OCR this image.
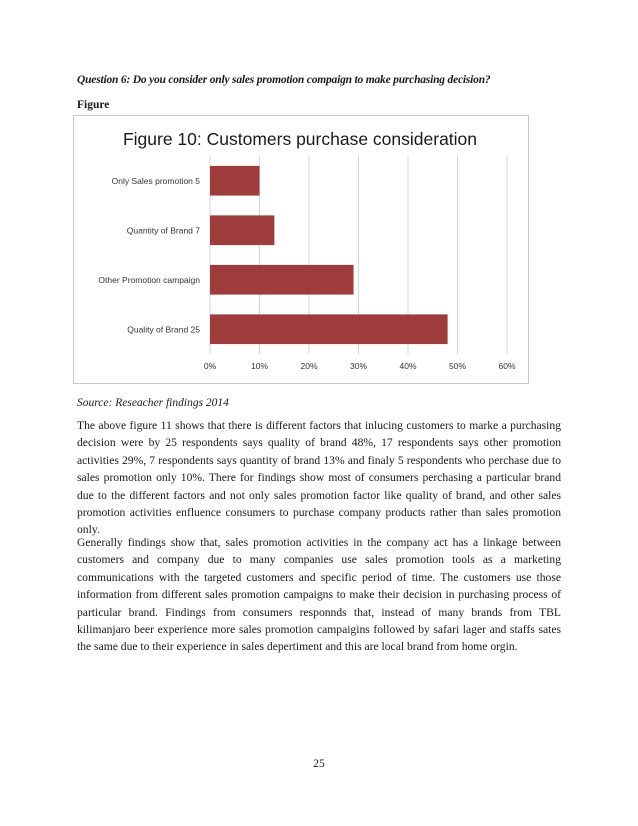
Question 6: Do you consider only sales promotion compaign to make purchasing decision?
Figure
Figure 10: Customers purchase consideration
Only Sales promotion 5
Quantity of Brand 7
Other Promotion campaign
Quality of Brand 25
0%	10%	20%	30%	40%	50%	60%
Source: Reseacher findings 2014

The above figure 11 shows that there is different factors that inlucing customers to marke a purchasing decision were by 25 respondents says quality of brand 48%, 17 respondents says other promotion activities 29%, 7 respondents says quantity of brand 13% and finaly 5 respondents who perchase due to sales promotion only 10%. There for findings show most of consumers perchasing a particular brand due to the different factors and not only sales promotion factor like quality of brand, and other sales promotion activities enfluence consumers to purchase company products rather than sales promotion only.

Generally findings show that, sales promotion activities in the company act has a linkage between customers and company due to many companies use sales promotion tools as a marketing communications with the targeted customers and specific period of time. The customers use those information from different sales promotion campaigns to make their decision in purchasing process of particular brand. Findings from consumers responnds that, instead of many brands from TBL kilimanjaro beer experience more sales promotion campaigins followed by safari lager and staffs sates the same due to their experience in sales depertiment and this are local brand from home orgin.

25
